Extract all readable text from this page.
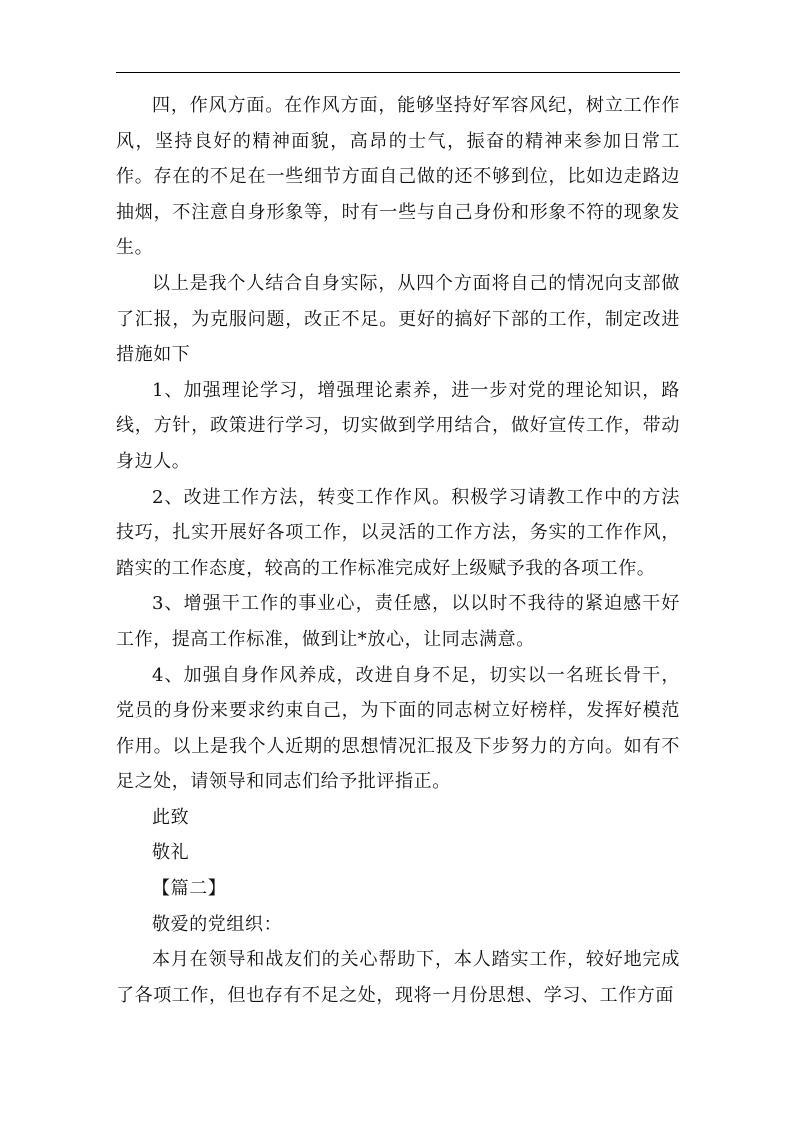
四，作风方面。在作风方面，能够坚持好军容风纪，树立工作作风，坚持良好的精神面貌，高昂的士气，振奋的精神来参加日常工作。存在的不足在一些细节方面自己做的还不够到位，比如边走路边抽烟，不注意自身形象等，时有一些与自己身份和形象不符的现象发生。

以上是我个人结合自身实际，从四个方面将自己的情况向支部做了汇报，为克服问题，改正不足。更好的搞好下部的工作，制定改进措施如下

1、加强理论学习，增强理论素养，进一步对党的理论知识，路线，方针，政策进行学习，切实做到学用结合，做好宣传工作，带动身边人。

2、改进工作方法，转变工作作风。积极学习请教工作中的方法技巧，扎实开展好各项工作，以灵活的工作方法，务实的工作作风，踏实的工作态度，较高的工作标准完成好上级赋予我的各项工作。

3、增强干工作的事业心，责任感，以以时不我待的紧迫感干好工作，提高工作标准，做到让*放心，让同志满意。

4、加强自身作风养成，改进自身不足，切实以一名班长骨干，党员的身份来要求约束自己，为下面的同志树立好榜样，发挥好模范作用。以上是我个人近期的思想情况汇报及下步努力的方向。如有不足之处，请领导和同志们给予批评指正。

此致

敬礼

【篇二】

敬爱的党组织：

本月在领导和战友们的关心帮助下，本人踏实工作，较好地完成了各项工作，但也存有不足之处，现将一月份思想、学习、工作方面
